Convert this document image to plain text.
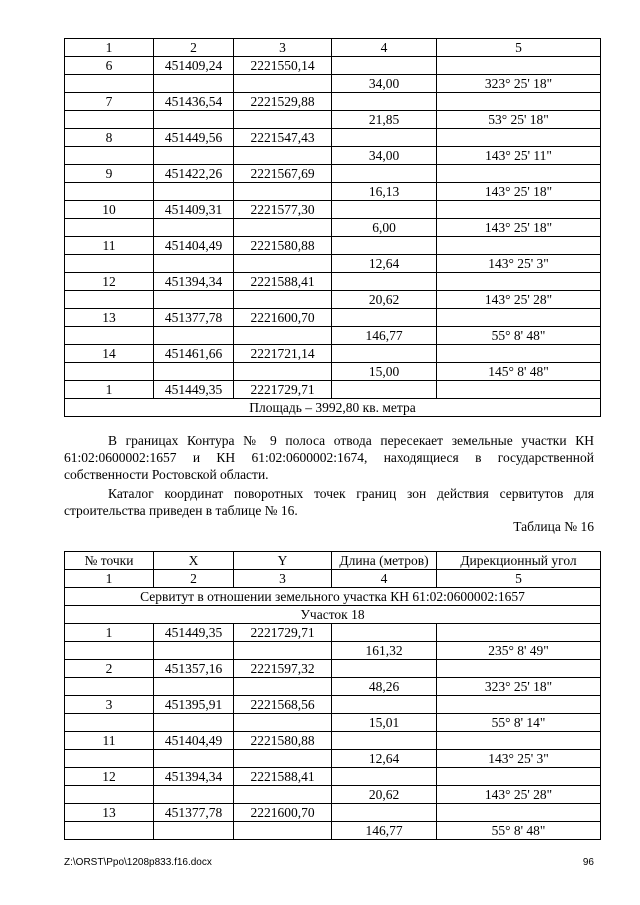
1	2	3	4	5
6	451409,24	2221550,14		
			34,00	323° 25' 18"
7	451436,54	2221529,88		
			21,85	53° 25' 18"
8	451449,56	2221547,43		
			34,00	143° 25' 11"
9	451422,26	2221567,69		
			16,13	143° 25' 18"
10	451409,31	2221577,30		
			6,00	143° 25' 18"
11	451404,49	2221580,88		
			12,64	143° 25' 3"
12	451394,34	2221588,41		
			20,62	143° 25' 28"
13	451377,78	2221600,70		
			146,77	55° 8' 48"
14	451461,66	2221721,14		
			15,00	145° 8' 48"
1	451449,35	2221729,71		
Площадь – 3992,80 кв. метра				

В границах Контура № 9 полоса отвода пересекает земельные участки КН 61:02:0600002:1657 и КН 61:02:0600002:1674, находящиеся в государственной собственности Ростовской области.

Каталог координат поворотных точек границ зон действия сервитутов для строительства приведен в таблице № 16.

Таблица № 16
№ точки	X	Y	Длина (метров)	Дирекционный угол
1	2	3	4	5
Сервитут в отношении земельного участка КН 61:02:0600002:1657				
Участок 18				
1	451449,35	2221729,71		
			161,32	235° 8' 49"
2	451357,16	2221597,32		
			48,26	323° 25' 18"
3	451395,91	2221568,56		
			15,01	55° 8' 14"
11	451404,49	2221580,88		
			12,64	143° 25' 3"
12	451394,34	2221588,41		
			20,62	143° 25' 28"
13	451377,78	2221600,70		
			146,77	55° 8' 48"
Z:\ORST\Ppo\1208p833.f16.docx	96
